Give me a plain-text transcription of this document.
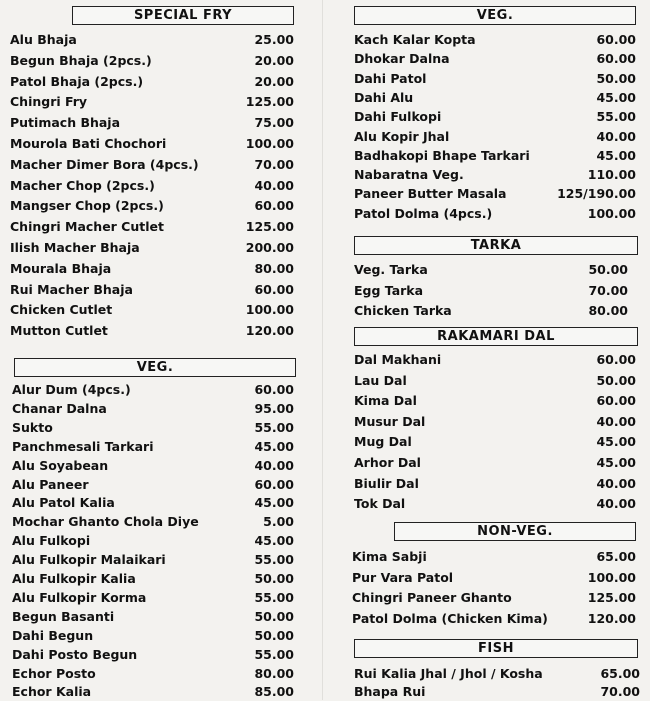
SPECIAL FRY
Alu Bhaja	25.00
Begun Bhaja (2pcs.)	20.00
Patol Bhaja (2pcs.)	20.00
Chingri Fry	125.00
Putimach Bhaja	75.00
Mourola Bati Chochori	100.00
Macher Dimer Bora (4pcs.)	70.00
Macher Chop (2pcs.)	40.00
Mangser Chop (2pcs.)	60.00
Chingri Macher Cutlet	125.00
Ilish Macher Bhaja	200.00
Mourala Bhaja	80.00
Rui Macher Bhaja	60.00
Chicken Cutlet	100.00
Mutton Cutlet	120.00
VEG.
Alur Dum (4pcs.)	60.00
Chanar Dalna	95.00
Sukto	55.00
Panchmesali Tarkari	45.00
Alu Soyabean	40.00
Alu Paneer	60.00
Alu Patol Kalia	45.00
Mochar Ghanto Chola Diye	5.00
Alu Fulkopi	45.00
Alu Fulkopir Malaikari	55.00
Alu Fulkopir Kalia	50.00
Alu Fulkopir Korma	55.00
Begun Basanti	50.00
Dahi Begun	50.00
Dahi Posto Begun	55.00
Echor Posto	80.00
Echor Kalia	85.00
VEG.
Kach Kalar Kopta	60.00
Dhokar Dalna	60.00
Dahi Patol	50.00
Dahi Alu	45.00
Dahi Fulkopi	55.00
Alu Kopir Jhal	40.00
Badhakopi Bhape Tarkari	45.00
Nabaratna Veg.	110.00
Paneer Butter Masala	125/190.00
Patol Dolma (4pcs.)	100.00
TARKA
Veg. Tarka	50.00
Egg Tarka	70.00
Chicken Tarka	80.00
RAKAMARI DAL
Dal Makhani	60.00
Lau Dal	50.00
Kima Dal	60.00
Musur Dal	40.00
Mug Dal	45.00
Arhor Dal	45.00
Biulir Dal	40.00
Tok Dal	40.00
NON-VEG.
Kima Sabji	65.00
Pur Vara Patol	100.00
Chingri Paneer Ghanto	125.00
Patol Dolma (Chicken Kima)	120.00
FISH
Rui Kalia Jhal / Jhol / Kosha	65.00
Bhapa Rui	70.00
